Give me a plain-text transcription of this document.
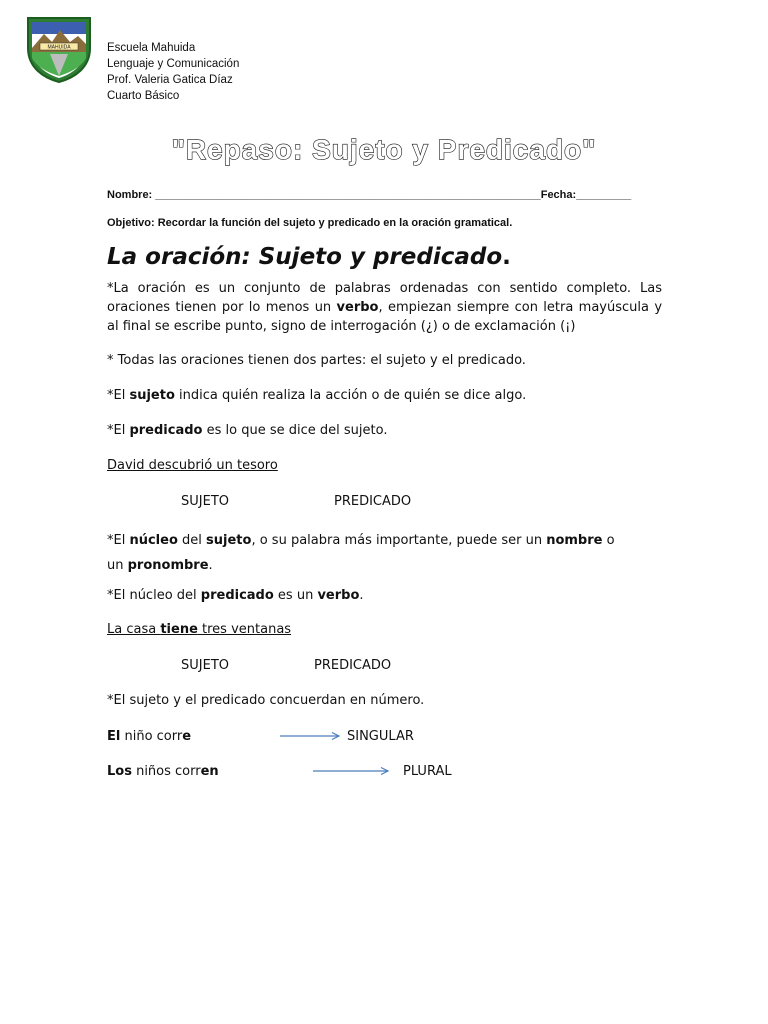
MAHUIDA	Escuela Mahuida
Lenguaje y Comunicación
Prof. Valeria Gatica Díaz
Cuarto Básico
"Repaso: Sujeto y Predicado"
Nombre: _______________________________________________________________Fecha:_________
Objetivo: Recordar la función del sujeto y predicado en la oración gramatical.
La oración: Sujeto y predicado.
*La oración es un conjunto de palabras ordenadas con sentido completo. Las oraciones tienen por lo menos un verbo, empiezan siempre con letra mayúscula y al final se escribe punto, signo de interrogación (¿) o de exclamación (¡)
* Todas las oraciones tienen dos partes: el sujeto y el predicado.
*El sujeto indica quién realiza la acción o de quién se dice algo.
*El predicado es lo que se dice del sujeto.
David descubrió un tesoro
SUJETO	PREDICADO
*El núcleo del sujeto, o su palabra más importante, puede ser un nombre o
un pronombre.
*El núcleo del predicado es un verbo.
La casa tiene tres ventanas
SUJETO	PREDICADO
*El sujeto y el predicado concuerdan en número.
El niño corre	SINGULAR
Los niños corren	PLURAL
